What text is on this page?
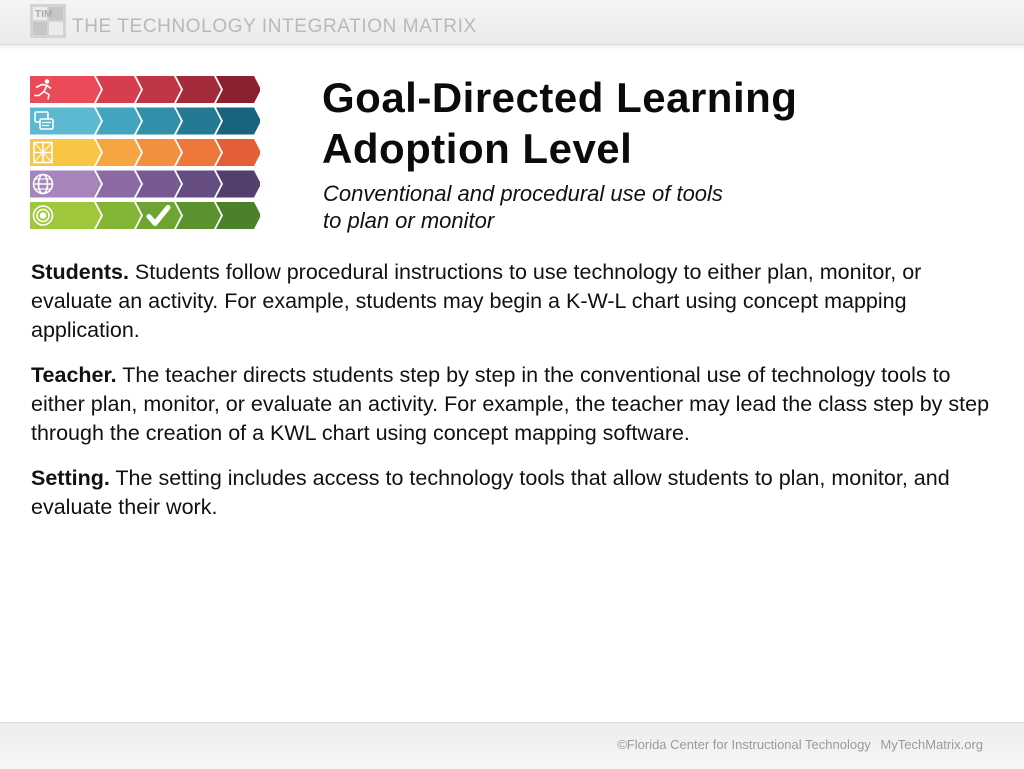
TIM
THE TECHNOLOGY INTEGRATION MATRIX
Goal-Directed Learning
Adoption Level
Conventional and procedural use of tools
to plan or monitor

Students. Students follow procedural instructions to use technology to either plan, monitor, or evaluate an activity. For example, students may begin a K-W-L chart using concept mapping application.

Teacher. The teacher directs students step by step in the conventional use of technology tools to either plan, monitor, or evaluate an activity. For example, the teacher may lead the class step by step through the creation of a KWL chart using concept mapping software.

Setting. The setting includes access to technology tools that allow students to plan, monitor, and evaluate their work.

©Florida Center for Instructional Technology MyTechMatrix.org
